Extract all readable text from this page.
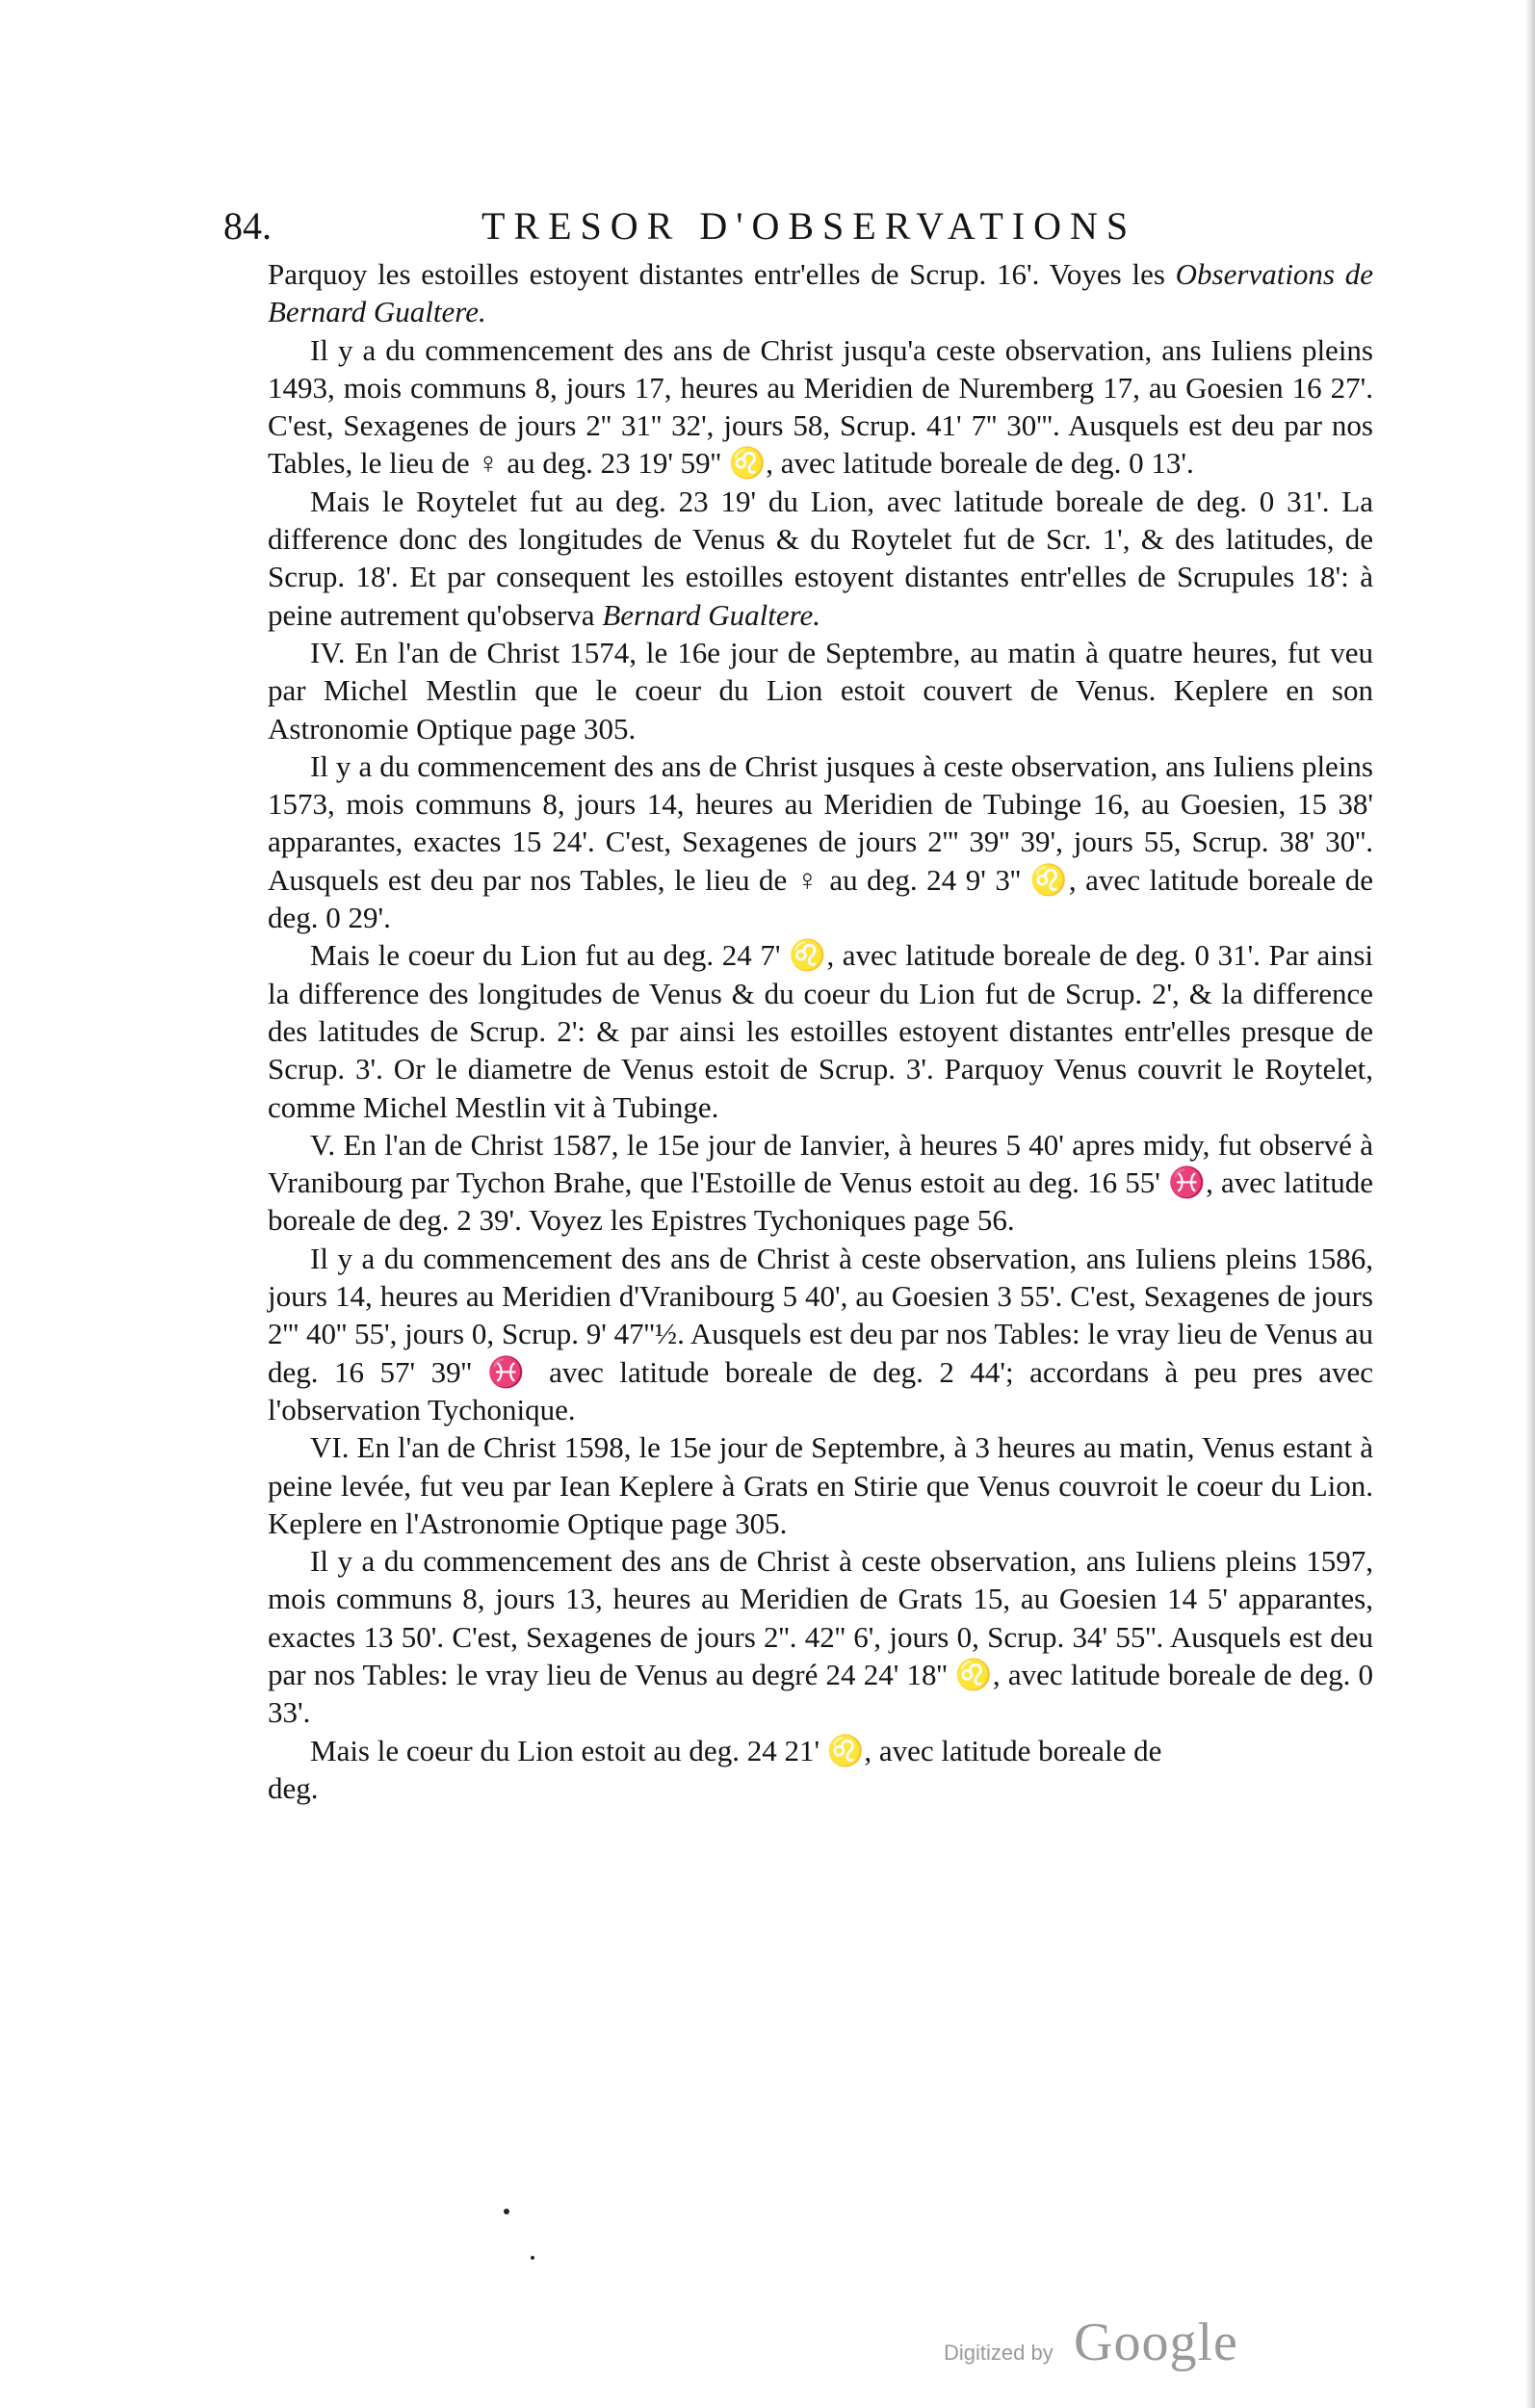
84.	TRESOR D'OBSERVATIONS

Parquoy les estoilles estoyent distantes entr'elles de Scrup. 16'. Voyes les Observations de Bernard Gualtere.

Il y a du commencement des ans de Christ jusqu'a ceste observation, ans Iuliens pleins 1493, mois communs 8, jours 17, heures au Meridien de Nuremberg 17, au Goesien 16 27'. C'est, Sexagenes de jours 2'' 31'' 32', jours 58, Scrup. 41' 7'' 30'''. Ausquels est deu par nos Tables, le lieu de ♀ au deg. 23 19' 59'' ♌, avec latitude boreale de deg. 0 13'.

Mais le Roytelet fut au deg. 23 19' du Lion, avec latitude boreale de deg. 0 31'. La difference donc des longitudes de Venus & du Roytelet fut de Scr. 1', & des latitudes, de Scrup. 18'. Et par consequent les estoilles estoyent distantes entr'elles de Scrupules 18': à peine autrement qu'observa Bernard Gualtere.

IV. En l'an de Christ 1574, le 16e jour de Septembre, au matin à quatre heures, fut veu par Michel Mestlin que le coeur du Lion estoit couvert de Venus. Keplere en son Astronomie Optique page 305.

Il y a du commencement des ans de Christ jusques à ceste observation, ans Iuliens pleins 1573, mois communs 8, jours 14, heures au Meridien de Tubinge 16, au Goesien, 15 38' apparantes, exactes 15 24'. C'est, Sexagenes de jours 2''' 39'' 39', jours 55, Scrup. 38' 30''. Ausquels est deu par nos Tables, le lieu de ♀ au deg. 24 9' 3'' ♌, avec latitude boreale de deg. 0 29'.

Mais le coeur du Lion fut au deg. 24 7' ♌, avec latitude boreale de deg. 0 31'. Par ainsi la difference des longitudes de Venus & du coeur du Lion fut de Scrup. 2', & la difference des latitudes de Scrup. 2': & par ainsi les estoilles estoyent distantes entr'elles presque de Scrup. 3'. Or le diametre de Venus estoit de Scrup. 3'. Parquoy Venus couvrit le Roytelet, comme Michel Mestlin vit à Tubinge.

V. En l'an de Christ 1587, le 15e jour de Ianvier, à heures 5 40' apres midy, fut observé à Vranibourg par Tychon Brahe, que l'Estoille de Venus estoit au deg. 16 55' ♓, avec latitude boreale de deg. 2 39'. Voyez les Epistres Tychoniques page 56.

Il y a du commencement des ans de Christ à ceste observation, ans Iuliens pleins 1586, jours 14, heures au Meridien d'Vranibourg 5 40', au Goesien 3 55'. C'est, Sexagenes de jours 2''' 40'' 55', jours 0, Scrup. 9' 47''½. Ausquels est deu par nos Tables: le vray lieu de Venus au deg. 16 57' 39'' ♓ avec latitude boreale de deg. 2 44'; accordans à peu pres avec l'observation Tychonique.

VI. En l'an de Christ 1598, le 15e jour de Septembre, à 3 heures au matin, Venus estant à peine levée, fut veu par Iean Keplere à Grats en Stirie que Venus couvroit le coeur du Lion. Keplere en l'Astronomie Optique page 305.

Il y a du commencement des ans de Christ à ceste observation, ans Iuliens pleins 1597, mois communs 8, jours 13, heures au Meridien de Grats 15, au Goesien 14 5' apparantes, exactes 13 50'. C'est, Sexagenes de jours 2''. 42'' 6', jours 0, Scrup. 34' 55''. Ausquels est deu par nos Tables: le vray lieu de Venus au degré 24 24' 18'' ♌, avec latitude boreale de deg. 0 33'.

Mais le coeur du Lion estoit au deg. 24 21' ♌, avec latitude boreale de

deg.

Digitized by Google
